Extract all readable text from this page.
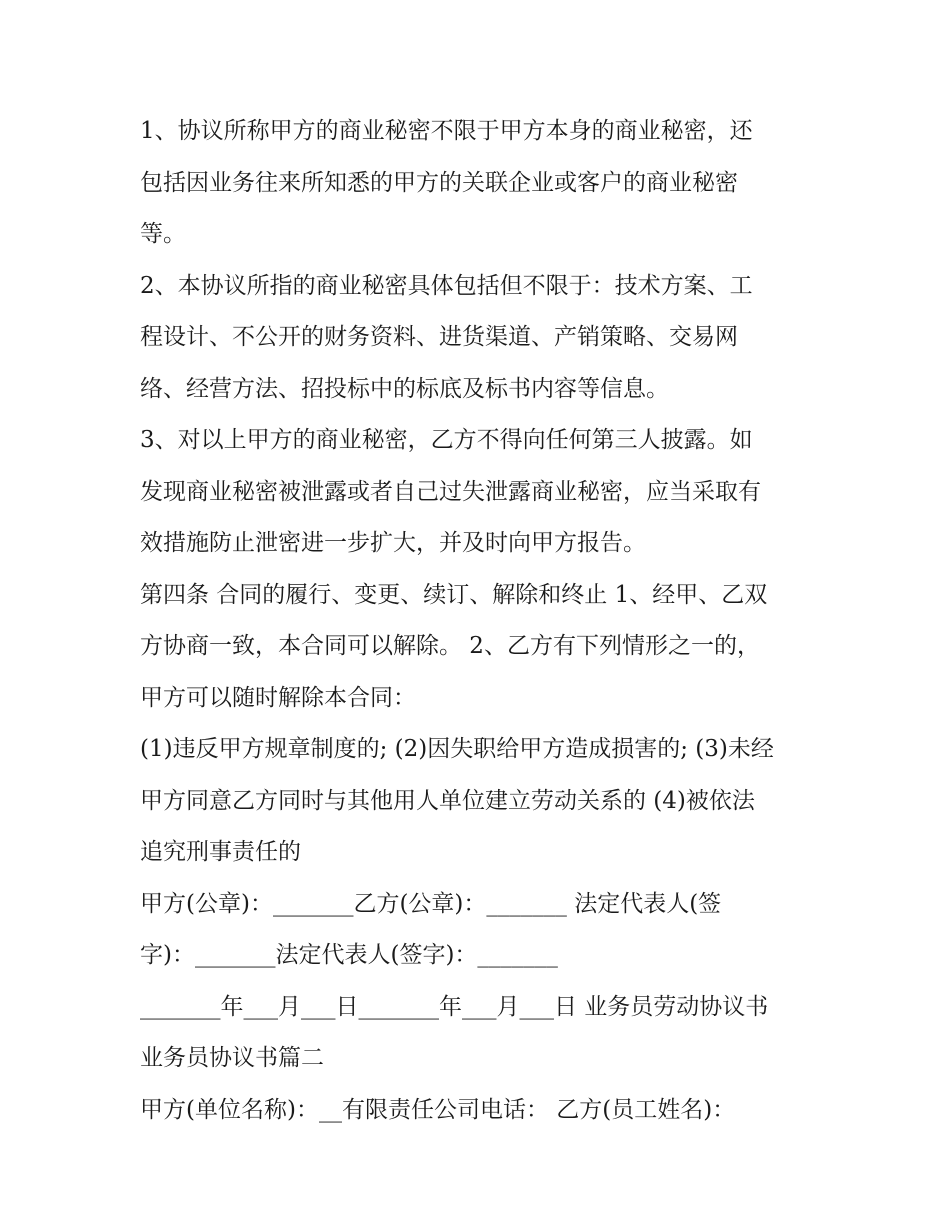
1、协议所称甲方的商业秘密不限于甲方本身的商业秘密，还
包括因业务往来所知悉的甲方的关联企业或客户的商业秘密
等。
2、本协议所指的商业秘密具体包括但不限于：技术方案、工
程设计、不公开的财务资料、进货渠道、产销策略、交易网
络、经营方法、招投标中的标底及标书内容等信息。
3、对以上甲方的商业秘密，乙方不得向任何第三人披露。如
发现商业秘密被泄露或者自己过失泄露商业秘密，应当采取有
效措施防止泄密进一步扩大，并及时向甲方报告。
第四条 合同的履行、变更、续订、解除和终止 1、经甲、乙双
方协商一致，本合同可以解除。 2、乙方有下列情形之一的，
甲方可以随时解除本合同：
(1)违反甲方规章制度的; (2)因失职给甲方造成损害的; (3)未经
甲方同意乙方同时与其他用人单位建立劳动关系的 (4)被依法
追究刑事责任的
甲方(公章)：_______乙方(公章)：_______ 法定代表人(签
字)：_______法定代表人(签字)：_______
_______年___月___日_______年___月___日 业务员劳动协议书
业务员协议书篇二
甲方(单位名称)：__有限责任公司电话： 乙方(员工姓名)：
